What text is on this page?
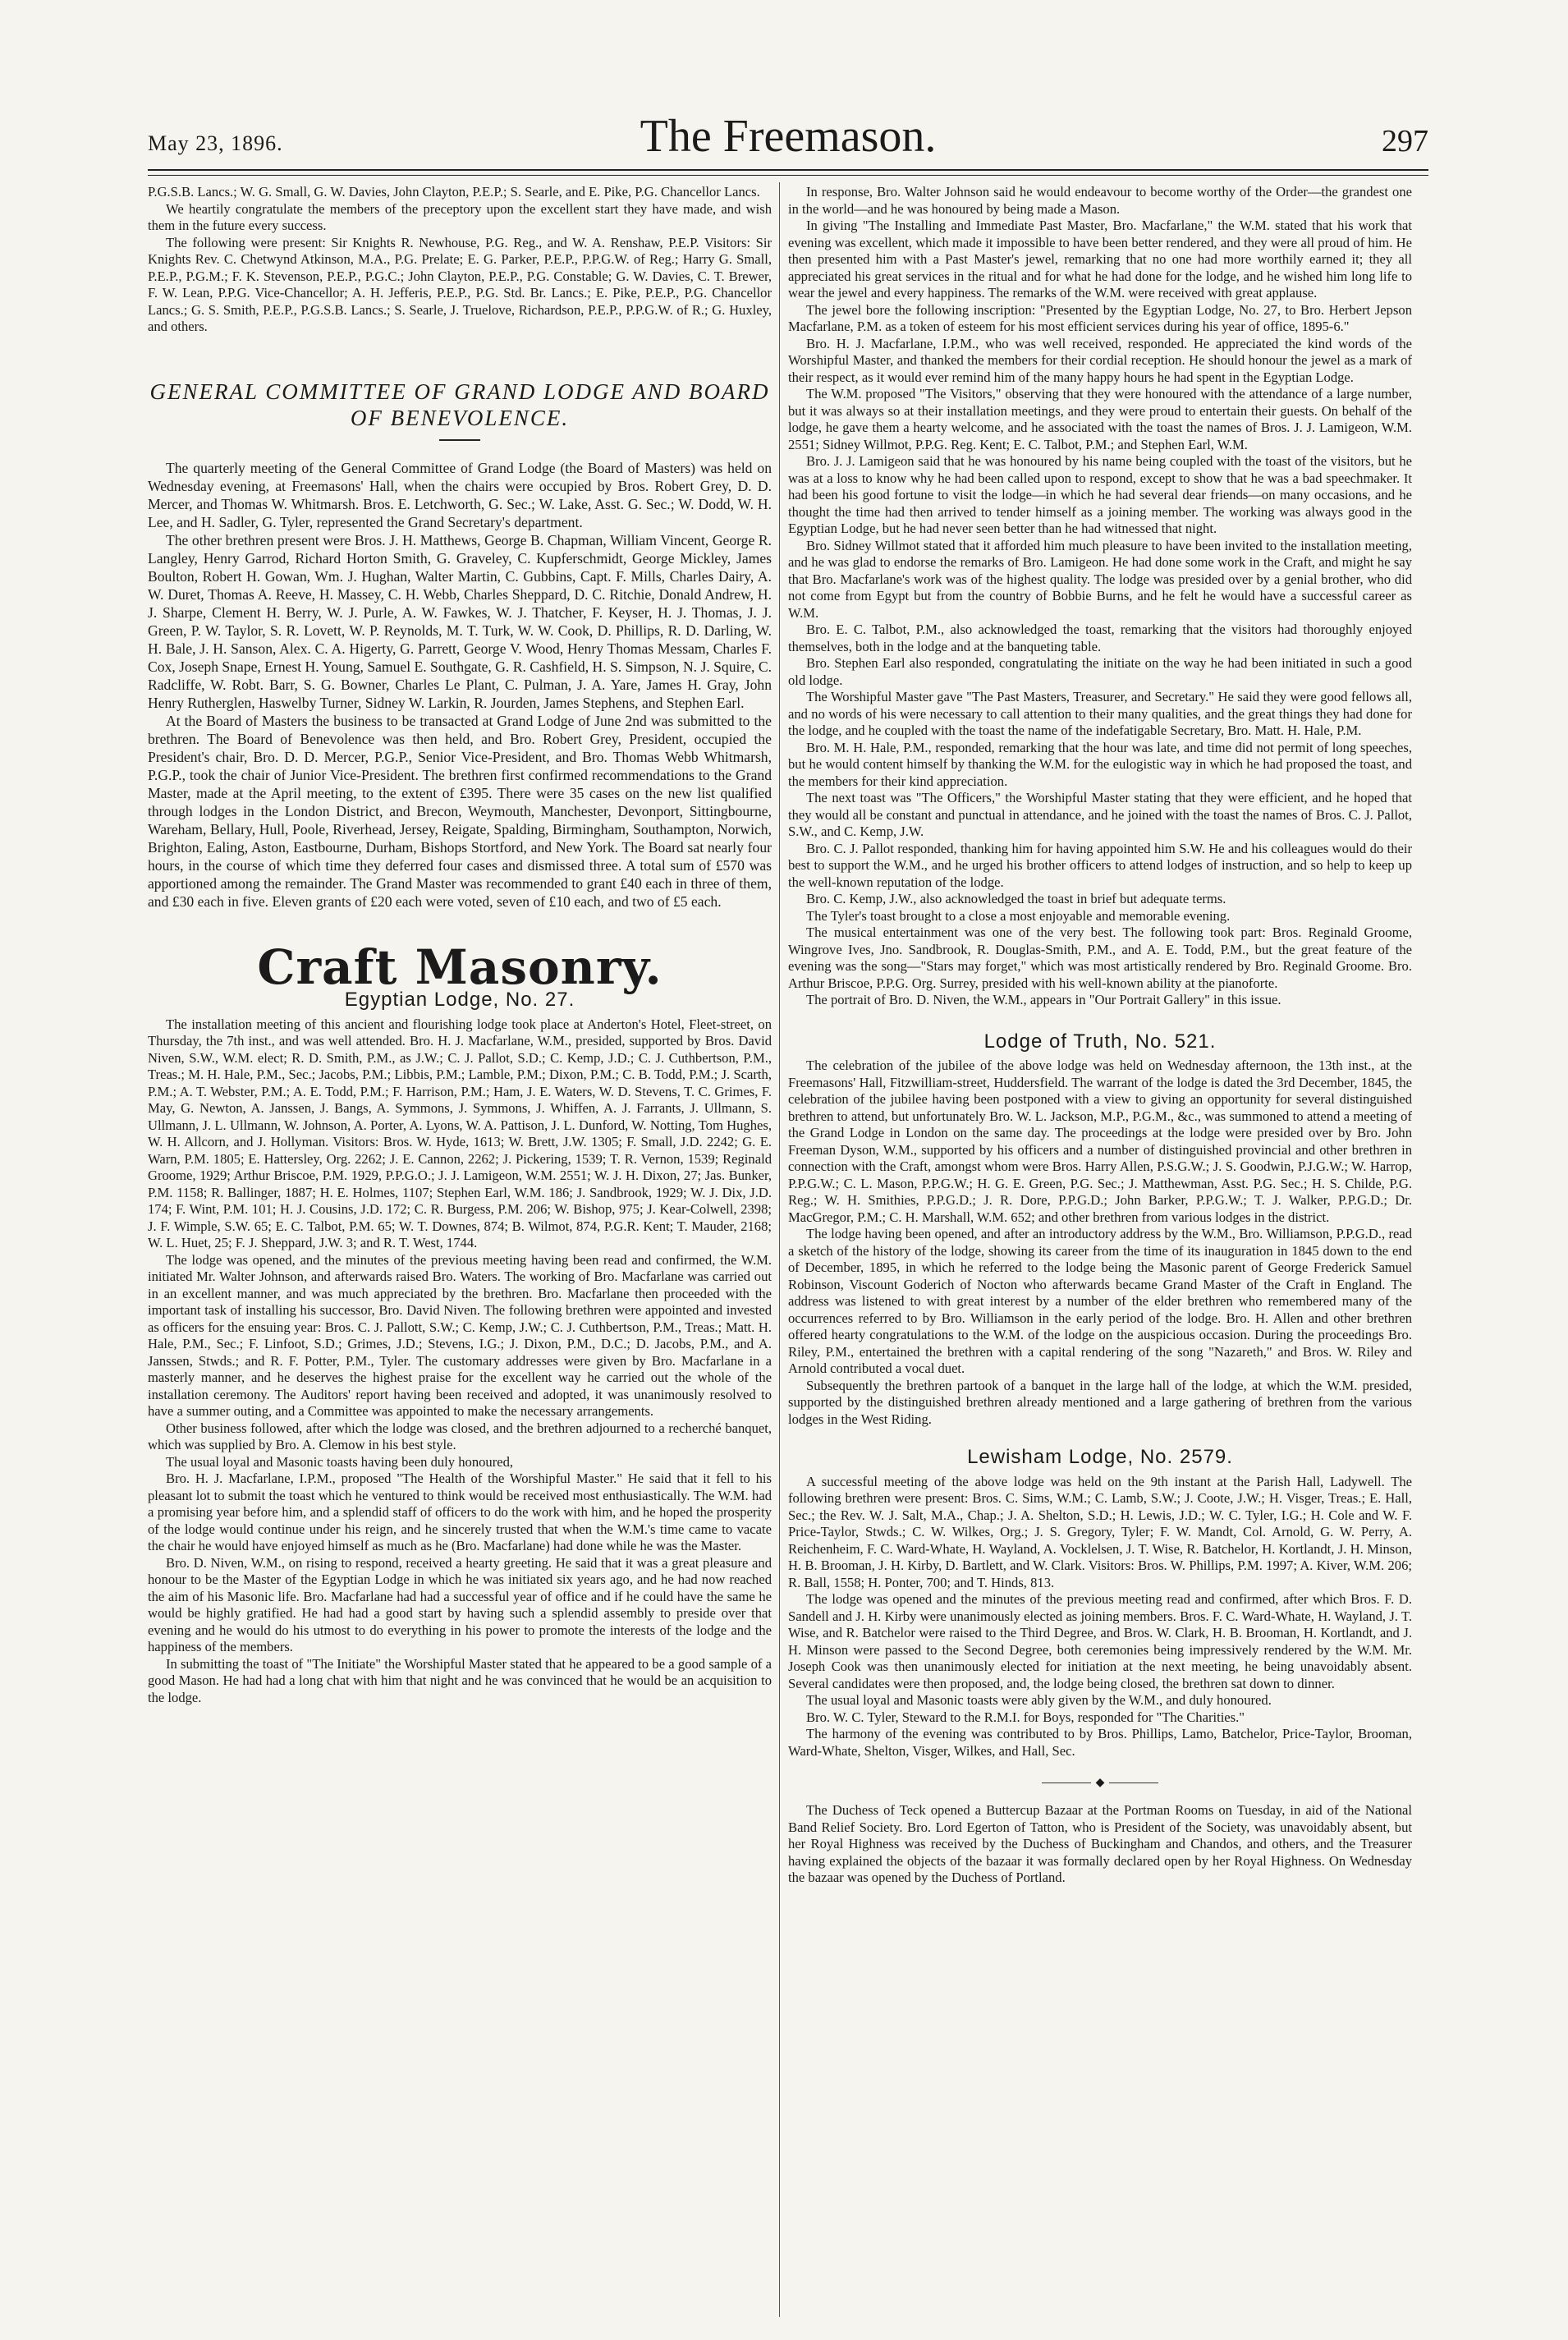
May 23, 1896.	The Freemason.	297

P.G.S.B. Lancs.; W. G. Small, G. W. Davies, John Clayton, P.E.P.; S. Searle, and E. Pike, P.G. Chancellor Lancs.

We heartily congratulate the members of the preceptory upon the excellent start they have made, and wish them in the future every success.

The following were present: Sir Knights R. Newhouse, P.G. Reg., and W. A. Renshaw, P.E.P. Visitors: Sir Knights Rev. C. Chetwynd Atkinson, M.A., P.G. Prelate; E. G. Parker, P.E.P., P.P.G.W. of Reg.; Harry G. Small, P.E.P., P.G.M.; F. K. Stevenson, P.E.P., P.G.C.; John Clayton, P.E.P., P.G. Constable; G. W. Davies, C. T. Brewer, F. W. Lean, P.P.G. Vice-Chancellor; A. H. Jefferis, P.E.P., P.G. Std. Br. Lancs.; E. Pike, P.E.P., P.G. Chancellor Lancs.; G. S. Smith, P.E.P., P.G.S.B. Lancs.; S. Searle, J. Truelove, Richardson, P.E.P., P.P.G.W. of R.; G. Huxley, and others.

GENERAL COMMITTEE OF GRAND LODGE AND BOARD OF BENEVOLENCE.

The quarterly meeting of the General Committee of Grand Lodge (the Board of Masters) was held on Wednesday evening, at Freemasons' Hall, when the chairs were occupied by Bros. Robert Grey, D. D. Mercer, and Thomas W. Whitmarsh. Bros. E. Letchworth, G. Sec.; W. Lake, Asst. G. Sec.; W. Dodd, W. H. Lee, and H. Sadler, G. Tyler, represented the Grand Secretary's department.

The other brethren present were Bros. J. H. Matthews, George B. Chapman, William Vincent, George R. Langley, Henry Garrod, Richard Horton Smith, G. Graveley, C. Kupferschmidt, George Mickley, James Boulton, Robert H. Gowan, Wm. J. Hughan, Walter Martin, C. Gubbins, Capt. F. Mills, Charles Dairy, A. W. Duret, Thomas A. Reeve, H. Massey, C. H. Webb, Charles Sheppard, D. C. Ritchie, Donald Andrew, H. J. Sharpe, Clement H. Berry, W. J. Purle, A. W. Fawkes, W. J. Thatcher, F. Keyser, H. J. Thomas, J. J. Green, P. W. Taylor, S. R. Lovett, W. P. Reynolds, M. T. Turk, W. W. Cook, D. Phillips, R. D. Darling, W. H. Bale, J. H. Sanson, Alex. C. A. Higerty, G. Parrett, George V. Wood, Henry Thomas Messam, Charles F. Cox, Joseph Snape, Ernest H. Young, Samuel E. Southgate, G. R. Cashfield, H. S. Simpson, N. J. Squire, C. Radcliffe, W. Robt. Barr, S. G. Bowner, Charles Le Plant, C. Pulman, J. A. Yare, James H. Gray, John Henry Rutherglen, Haswelby Turner, Sidney W. Larkin, R. Jourden, James Stephens, and Stephen Earl.

At the Board of Masters the business to be transacted at Grand Lodge of June 2nd was submitted to the brethren. The Board of Benevolence was then held, and Bro. Robert Grey, President, occupied the President's chair, Bro. D. D. Mercer, P.G.P., Senior Vice-President, and Bro. Thomas Webb Whitmarsh, P.G.P., took the chair of Junior Vice-President. The brethren first confirmed recommendations to the Grand Master, made at the April meeting, to the extent of £395. There were 35 cases on the new list qualified through lodges in the London District, and Brecon, Weymouth, Manchester, Devonport, Sittingbourne, Wareham, Bellary, Hull, Poole, Riverhead, Jersey, Reigate, Spalding, Birmingham, Southampton, Norwich, Brighton, Ealing, Aston, Eastbourne, Durham, Bishops Stortford, and New York. The Board sat nearly four hours, in the course of which time they deferred four cases and dismissed three. A total sum of £570 was apportioned among the remainder. The Grand Master was recommended to grant £40 each in three of them, and £30 each in five. Eleven grants of £20 each were voted, seven of £10 each, and two of £5 each.

Craft Masonry.
Egyptian Lodge, No. 27.

The installation meeting of this ancient and flourishing lodge took place at Anderton's Hotel, Fleet-street, on Thursday, the 7th inst., and was well attended. Bro. H. J. Macfarlane, W.M., presided, supported by Bros. David Niven, S.W., W.M. elect; R. D. Smith, P.M., as J.W.; C. J. Pallot, S.D.; C. Kemp, J.D.; C. J. Cuthbertson, P.M., Treas.; M. H. Hale, P.M., Sec.; Jacobs, P.M.; Libbis, P.M.; Lamble, P.M.; Dixon, P.M.; C. B. Todd, P.M.; J. Scarth, P.M.; A. T. Webster, P.M.; A. E. Todd, P.M.; F. Harrison, P.M.; Ham, J. E. Waters, W. D. Stevens, T. C. Grimes, F. May, G. Newton, A. Janssen, J. Bangs, A. Symmons, J. Symmons, J. Whiffen, A. J. Farrants, J. Ullmann, S. Ullmann, J. L. Ullmann, W. Johnson, A. Porter, A. Lyons, W. A. Pattison, J. L. Dunford, W. Notting, Tom Hughes, W. H. Allcorn, and J. Hollyman. Visitors: Bros. W. Hyde, 1613; W. Brett, J.W. 1305; F. Small, J.D. 2242; G. E. Warn, P.M. 1805; E. Hattersley, Org. 2262; J. E. Cannon, 2262; J. Pickering, 1539; T. R. Vernon, 1539; Reginald Groome, 1929; Arthur Briscoe, P.M. 1929, P.P.G.O.; J. J. Lamigeon, W.M. 2551; W. J. H. Dixon, 27; Jas. Bunker, P.M. 1158; R. Ballinger, 1887; H. E. Holmes, 1107; Stephen Earl, W.M. 186; J. Sandbrook, 1929; W. J. Dix, J.D. 174; F. Wint, P.M. 101; H. J. Cousins, J.D. 172; C. R. Burgess, P.M. 206; W. Bishop, 975; J. Kear-Colwell, 2398; J. F. Wimple, S.W. 65; E. C. Talbot, P.M. 65; W. T. Downes, 874; B. Wilmot, 874, P.G.R. Kent; T. Mauder, 2168; W. L. Huet, 25; F. J. Sheppard, J.W. 3; and R. T. West, 1744.

The lodge was opened, and the minutes of the previous meeting having been read and confirmed, the W.M. initiated Mr. Walter Johnson, and afterwards raised Bro. Waters. The working of Bro. Macfarlane was carried out in an excellent manner, and was much appreciated by the brethren. Bro. Macfarlane then proceeded with the important task of installing his successor, Bro. David Niven. The following brethren were appointed and invested as officers for the ensuing year: Bros. C. J. Pallott, S.W.; C. Kemp, J.W.; C. J. Cuthbertson, P.M., Treas.; Matt. H. Hale, P.M., Sec.; F. Linfoot, S.D.; Grimes, J.D.; Stevens, I.G.; J. Dixon, P.M., D.C.; D. Jacobs, P.M., and A. Janssen, Stwds.; and R. F. Potter, P.M., Tyler. The customary addresses were given by Bro. Macfarlane in a masterly manner, and he deserves the highest praise for the excellent way he carried out the whole of the installation ceremony. The Auditors' report having been received and adopted, it was unanimously resolved to have a summer outing, and a Committee was appointed to make the necessary arrangements.

Other business followed, after which the lodge was closed, and the brethren adjourned to a recherché banquet, which was supplied by Bro. A. Clemow in his best style.

The usual loyal and Masonic toasts having been duly honoured,

Bro. H. J. Macfarlane, I.P.M., proposed "The Health of the Worshipful Master." He said that it fell to his pleasant lot to submit the toast which he ventured to think would be received most enthusiastically. The W.M. had a promising year before him, and a splendid staff of officers to do the work with him, and he hoped the prosperity of the lodge would continue under his reign, and he sincerely trusted that when the W.M.'s time came to vacate the chair he would have enjoyed himself as much as he (Bro. Macfarlane) had done while he was the Master.

Bro. D. Niven, W.M., on rising to respond, received a hearty greeting. He said that it was a great pleasure and honour to be the Master of the Egyptian Lodge in which he was initiated six years ago, and he had now reached the aim of his Masonic life. Bro. Macfarlane had had a successful year of office and if he could have the same he would be highly gratified. He had had a good start by having such a splendid assembly to preside over that evening and he would do his utmost to do everything in his power to promote the interests of the lodge and the happiness of the members.

In submitting the toast of "The Initiate" the Worshipful Master stated that he appeared to be a good sample of a good Mason. He had had a long chat with him that night and he was convinced that he would be an acquisition to the lodge.

In response, Bro. Walter Johnson said he would endeavour to become worthy of the Order—the grandest one in the world—and he was honoured by being made a Mason.

In giving "The Installing and Immediate Past Master, Bro. Macfarlane," the W.M. stated that his work that evening was excellent, which made it impossible to have been better rendered, and they were all proud of him. He then presented him with a Past Master's jewel, remarking that no one had more worthily earned it; they all appreciated his great services in the ritual and for what he had done for the lodge, and he wished him long life to wear the jewel and every happiness. The remarks of the W.M. were received with great applause.

The jewel bore the following inscription: "Presented by the Egyptian Lodge, No. 27, to Bro. Herbert Jepson Macfarlane, P.M. as a token of esteem for his most efficient services during his year of office, 1895-6."

Bro. H. J. Macfarlane, I.P.M., who was well received, responded. He appreciated the kind words of the Worshipful Master, and thanked the members for their cordial reception. He should honour the jewel as a mark of their respect, as it would ever remind him of the many happy hours he had spent in the Egyptian Lodge.

The W.M. proposed "The Visitors," observing that they were honoured with the attendance of a large number, but it was always so at their installation meetings, and they were proud to entertain their guests. On behalf of the lodge, he gave them a hearty welcome, and he associated with the toast the names of Bros. J. J. Lamigeon, W.M. 2551; Sidney Willmot, P.P.G. Reg. Kent; E. C. Talbot, P.M.; and Stephen Earl, W.M.

Bro. J. J. Lamigeon said that he was honoured by his name being coupled with the toast of the visitors, but he was at a loss to know why he had been called upon to respond, except to show that he was a bad speechmaker. It had been his good fortune to visit the lodge—in which he had several dear friends—on many occasions, and he thought the time had then arrived to tender himself as a joining member. The working was always good in the Egyptian Lodge, but he had never seen better than he had witnessed that night.

Bro. Sidney Willmot stated that it afforded him much pleasure to have been invited to the installation meeting, and he was glad to endorse the remarks of Bro. Lamigeon. He had done some work in the Craft, and might he say that Bro. Macfarlane's work was of the highest quality. The lodge was presided over by a genial brother, who did not come from Egypt but from the country of Bobbie Burns, and he felt he would have a successful career as W.M.

Bro. E. C. Talbot, P.M., also acknowledged the toast, remarking that the visitors had thoroughly enjoyed themselves, both in the lodge and at the banqueting table.

Bro. Stephen Earl also responded, congratulating the initiate on the way he had been initiated in such a good old lodge.

The Worshipful Master gave "The Past Masters, Treasurer, and Secretary." He said they were good fellows all, and no words of his were necessary to call attention to their many qualities, and the great things they had done for the lodge, and he coupled with the toast the name of the indefatigable Secretary, Bro. Matt. H. Hale, P.M.

Bro. M. H. Hale, P.M., responded, remarking that the hour was late, and time did not permit of long speeches, but he would content himself by thanking the W.M. for the eulogistic way in which he had proposed the toast, and the members for their kind appreciation.

The next toast was "The Officers," the Worshipful Master stating that they were efficient, and he hoped that they would all be constant and punctual in attendance, and he joined with the toast the names of Bros. C. J. Pallot, S.W., and C. Kemp, J.W.

Bro. C. J. Pallot responded, thanking him for having appointed him S.W. He and his colleagues would do their best to support the W.M., and he urged his brother officers to attend lodges of instruction, and so help to keep up the well-known reputation of the lodge.

Bro. C. Kemp, J.W., also acknowledged the toast in brief but adequate terms.

The Tyler's toast brought to a close a most enjoyable and memorable evening.

The musical entertainment was one of the very best. The following took part: Bros. Reginald Groome, Wingrove Ives, Jno. Sandbrook, R. Douglas-Smith, P.M., and A. E. Todd, P.M., but the great feature of the evening was the song—"Stars may forget," which was most artistically rendered by Bro. Reginald Groome. Bro. Arthur Briscoe, P.P.G. Org. Surrey, presided with his well-known ability at the pianoforte.

The portrait of Bro. D. Niven, the W.M., appears in "Our Portrait Gallery" in this issue.

Lodge of Truth, No. 521.

The celebration of the jubilee of the above lodge was held on Wednesday afternoon, the 13th inst., at the Freemasons' Hall, Fitzwilliam-street, Huddersfield. The warrant of the lodge is dated the 3rd December, 1845, the celebration of the jubilee having been postponed with a view to giving an opportunity for several distinguished brethren to attend, but unfortunately Bro. W. L. Jackson, M.P., P.G.M., &c., was summoned to attend a meeting of the Grand Lodge in London on the same day. The proceedings at the lodge were presided over by Bro. John Freeman Dyson, W.M., supported by his officers and a number of distinguished provincial and other brethren in connection with the Craft, amongst whom were Bros. Harry Allen, P.S.G.W.; J. S. Goodwin, P.J.G.W.; W. Harrop, P.P.G.W.; C. L. Mason, P.P.G.W.; H. G. E. Green, P.G. Sec.; J. Matthewman, Asst. P.G. Sec.; H. S. Childe, P.G. Reg.; W. H. Smithies, P.P.G.D.; J. R. Dore, P.P.G.D.; John Barker, P.P.G.W.; T. J. Walker, P.P.G.D.; Dr. MacGregor, P.M.; C. H. Marshall, W.M. 652; and other brethren from various lodges in the district.

The lodge having been opened, and after an introductory address by the W.M., Bro. Williamson, P.P.G.D., read a sketch of the history of the lodge, showing its career from the time of its inauguration in 1845 down to the end of December, 1895, in which he referred to the lodge being the Masonic parent of George Frederick Samuel Robinson, Viscount Goderich of Nocton who afterwards became Grand Master of the Craft in England. The address was listened to with great interest by a number of the elder brethren who remembered many of the occurrences referred to by Bro. Williamson in the early period of the lodge. Bro. H. Allen and other brethren offered hearty congratulations to the W.M. of the lodge on the auspicious occasion. During the proceedings Bro. Riley, P.M., entertained the brethren with a capital rendering of the song "Nazareth," and Bros. W. Riley and Arnold contributed a vocal duet.

Subsequently the brethren partook of a banquet in the large hall of the lodge, at which the W.M. presided, supported by the distinguished brethren already mentioned and a large gathering of brethren from the various lodges in the West Riding.

Lewisham Lodge, No. 2579.

A successful meeting of the above lodge was held on the 9th instant at the Parish Hall, Ladywell. The following brethren were present: Bros. C. Sims, W.M.; C. Lamb, S.W.; J. Coote, J.W.; H. Visger, Treas.; E. Hall, Sec.; the Rev. W. J. Salt, M.A., Chap.; J. A. Shelton, S.D.; H. Lewis, J.D.; W. C. Tyler, I.G.; H. Cole and W. F. Price-Taylor, Stwds.; C. W. Wilkes, Org.; J. S. Gregory, Tyler; F. W. Mandt, Col. Arnold, G. W. Perry, A. Reichenheim, F. C. Ward-Whate, H. Wayland, A. Vocklelsen, J. T. Wise, R. Batchelor, H. Kortlandt, J. H. Minson, H. B. Brooman, J. H. Kirby, D. Bartlett, and W. Clark. Visitors: Bros. W. Phillips, P.M. 1997; A. Kiver, W.M. 206; R. Ball, 1558; H. Ponter, 700; and T. Hinds, 813.

The lodge was opened and the minutes of the previous meeting read and confirmed, after which Bros. F. D. Sandell and J. H. Kirby were unanimously elected as joining members. Bros. F. C. Ward-Whate, H. Wayland, J. T. Wise, and R. Batchelor were raised to the Third Degree, and Bros. W. Clark, H. B. Brooman, H. Kortlandt, and J. H. Minson were passed to the Second Degree, both ceremonies being impressively rendered by the W.M. Mr. Joseph Cook was then unanimously elected for initiation at the next meeting, he being unavoidably absent. Several candidates were then proposed, and, the lodge being closed, the brethren sat down to dinner.

The usual loyal and Masonic toasts were ably given by the W.M., and duly honoured.

Bro. W. C. Tyler, Steward to the R.M.I. for Boys, responded for "The Charities."

The harmony of the evening was contributed to by Bros. Phillips, Lamo, Batchelor, Price-Taylor, Brooman, Ward-Whate, Shelton, Visger, Wilkes, and Hall, Sec.

◆

The Duchess of Teck opened a Buttercup Bazaar at the Portman Rooms on Tuesday, in aid of the National Band Relief Society. Bro. Lord Egerton of Tatton, who is President of the Society, was unavoidably absent, but her Royal Highness was received by the Duchess of Buckingham and Chandos, and others, and the Treasurer having explained the objects of the bazaar it was formally declared open by her Royal Highness. On Wednesday the bazaar was opened by the Duchess of Portland.
